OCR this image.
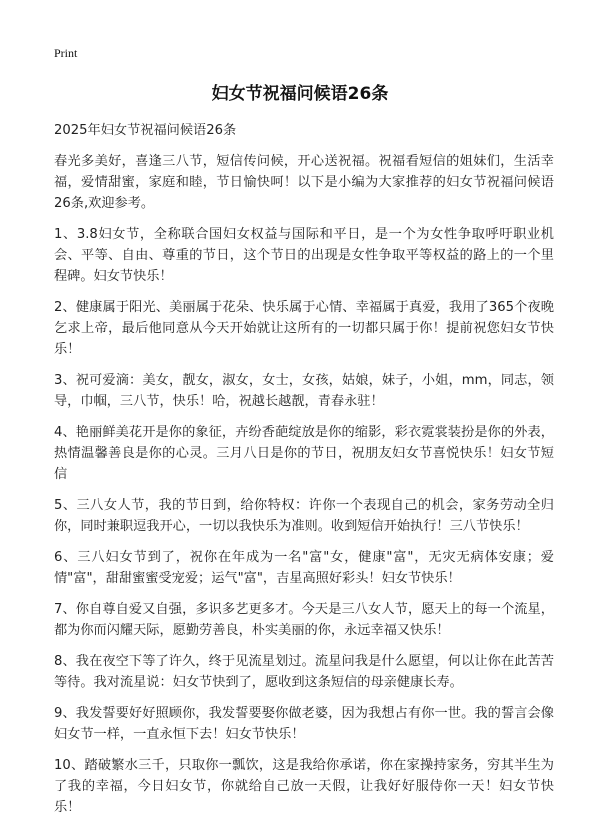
Print
妇女节祝福问候语26条

2025年妇女节祝福问候语26条

春光多美好，喜逢三八节，短信传问候，开心送祝福。祝福看短信的姐妹们，生活幸福，爱情甜蜜，家庭和睦，节日愉快呵！以下是小编为大家推荐的妇女节祝福问候语26条,欢迎参考。

1、3.8妇女节，全称联合国妇女权益与国际和平日，是一个为女性争取呼吁职业机会、平等、自由、尊重的节日，这个节日的出现是女性争取平等权益的路上的一个里程碑。妇女节快乐！

2、健康属于阳光、美丽属于花朵、快乐属于心情、幸福属于真爱，我用了365个夜晚乞求上帝，最后他同意从今天开始就让这所有的一切都只属于你！提前祝您妇女节快乐！

3、祝可爱滴：美女，靓女，淑女，女士，女孩，姑娘，妹子，小姐，mm，同志，领导，巾帼，三八节，快乐！哈，祝越长越靓，青春永驻！

4、艳丽鲜美花开是你的象征，卉纷香葩绽放是你的缩影，彩衣霓裳装扮是你的外表，热情温馨善良是你的心灵。三月八日是你的节日，祝朋友妇女节喜悦快乐！妇女节短信

5、三八女人节，我的节日到，给你特权：许你一个表现自己的机会，家务劳动全归你，同时兼职逗我开心，一切以我快乐为准则。收到短信开始执行！三八节快乐！

6、三八妇女节到了，祝你在年成为一名"富"女，健康"富"，无灾无病体安康；爱情"富"，甜甜蜜蜜受宠爱；运气"富"，吉星高照好彩头！妇女节快乐！

7、你自尊自爱又自强，多识多艺更多才。今天是三八女人节，愿天上的每一个流星，都为你而闪耀天际，愿勤劳善良，朴实美丽的你，永远幸福又快乐！

8、我在夜空下等了许久，终于见流星划过。流星问我是什么愿望，何以让你在此苦苦等待。我对流星说：妇女节快到了，愿收到这条短信的母亲健康长寿。

9、我发誓要好好照顾你，我发誓要娶你做老婆，因为我想占有你一世。我的誓言会像妇女节一样，一直永恒下去！妇女节快乐！

10、踏破繁水三千，只取你一瓢饮，这是我给你承诺，你在家操持家务，穷其半生为了我的幸福，今日妇女节，你就给自己放一天假，让我好好服侍你一天！妇女节快乐！
